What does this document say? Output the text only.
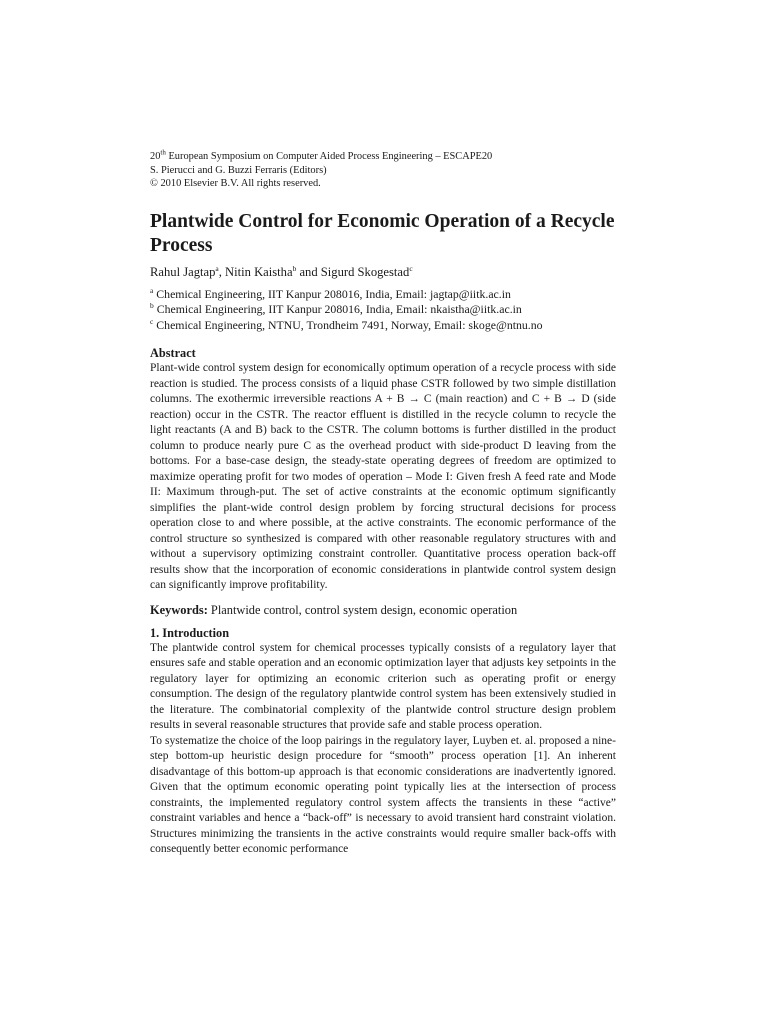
20th European Symposium on Computer Aided Process Engineering – ESCAPE20
S. Pierucci and G. Buzzi Ferraris (Editors)
© 2010 Elsevier B.V. All rights reserved.
Plantwide Control for Economic Operation of a Recycle Process
Rahul Jagtap$^a$, Nitin Kaistha$^b$ and Sigurd Skogestad$^c$
$^a$ Chemical Engineering, IIT Kanpur 208016, India, Email: jagtap@iitk.ac.in
$^b$ Chemical Engineering, IIT Kanpur 208016, India, Email: nkaistha@iitk.ac.in
$^c$ Chemical Engineering, NTNU, Trondheim 7491, Norway, Email: skoge@ntnu.no
Abstract
Plant-wide control system design for economically optimum operation of a recycle process with side reaction is studied. The process consists of a liquid phase CSTR followed by two simple distillation columns. The exothermic irreversible reactions A + B → C (main reaction) and C + B → D (side reaction) occur in the CSTR. The reactor effluent is distilled in the recycle column to recycle the light reactants (A and B) back to the CSTR. The column bottoms is further distilled in the product column to produce nearly pure C as the overhead product with side-product D leaving from the bottoms. For a base-case design, the steady-state operating degrees of freedom are optimized to maximize operating profit for two modes of operation – Mode I: Given fresh A feed rate and Mode II: Maximum through-put. The set of active constraints at the economic optimum significantly simplifies the plant-wide control design problem by forcing structural decisions for process operation close to and where possible, at the active constraints. The economic performance of the control structure so synthesized is compared with other reasonable regulatory structures with and without a supervisory optimizing constraint controller. Quantitative process operation back-off results show that the incorporation of economic considerations in plantwide control system design can significantly improve profitability.
Keywords: Plantwide control, control system design, economic operation
1. Introduction
The plantwide control system for chemical processes typically consists of a regulatory layer that ensures safe and stable operation and an economic optimization layer that adjusts key setpoints in the regulatory layer for optimizing an economic criterion such as operating profit or energy consumption. The design of the regulatory plantwide control system has been extensively studied in the literature. The combinatorial complexity of the plantwide control structure design problem results in several reasonable structures that provide safe and stable process operation.
To systematize the choice of the loop pairings in the regulatory layer, Luyben et. al. proposed a nine-step bottom-up heuristic design procedure for “smooth” process operation [1]. An inherent disadvantage of this bottom-up approach is that economic considerations are inadvertently ignored. Given that the optimum economic operating point typically lies at the intersection of process constraints, the implemented regulatory control system affects the transients in these “active” constraint variables and hence a “back-off” is necessary to avoid transient hard constraint violation. Structures minimizing the transients in the active constraints would require smaller back-offs with consequently better economic performance
